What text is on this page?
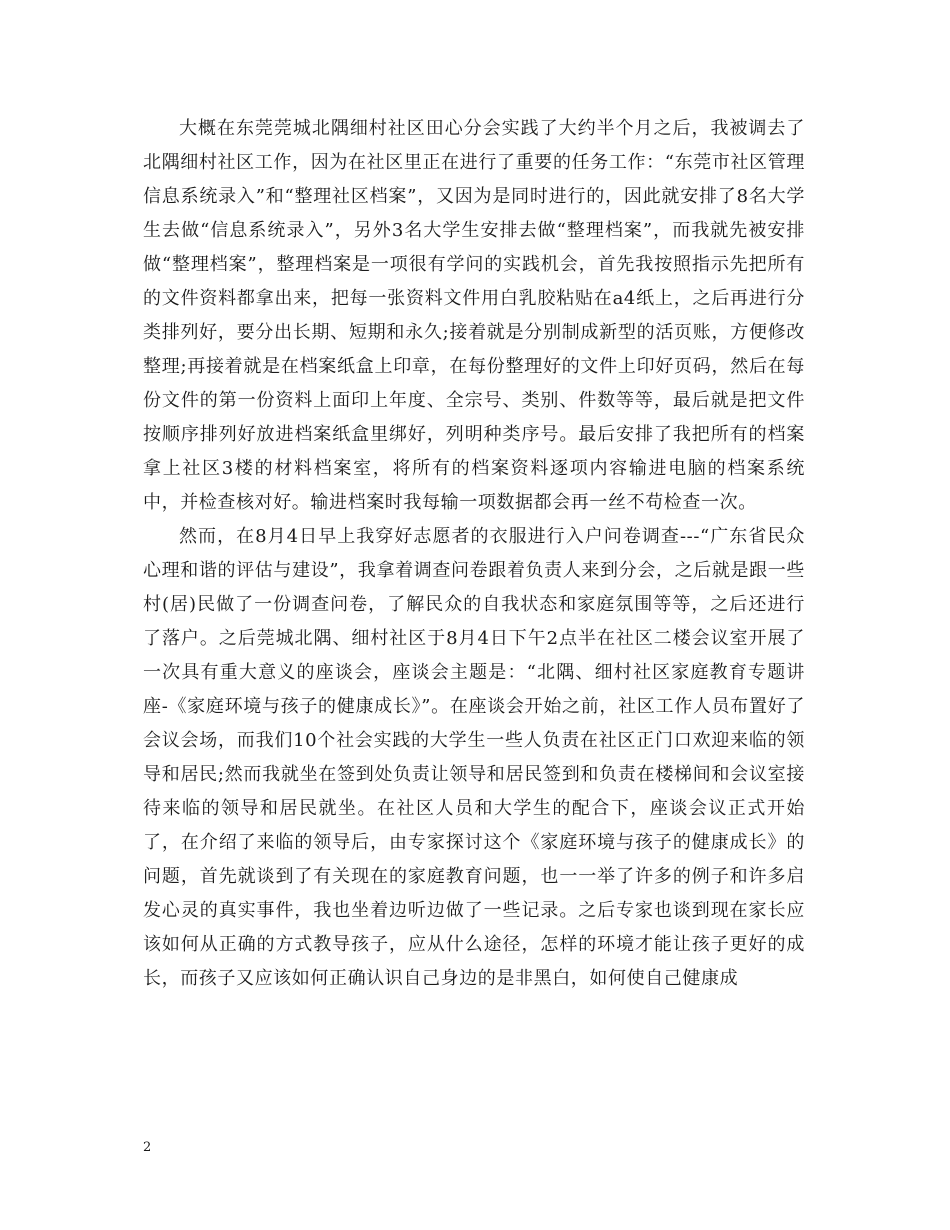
大概在东莞莞城北隅细村社区田心分会实践了大约半个月之后，我被调去了北隅细村社区工作，因为在社区里正在进行了重要的任务工作：“东莞市社区管理信息系统录入”和“整理社区档案”，又因为是同时进行的，因此就安排了8名大学生去做“信息系统录入”，另外3名大学生安排去做“整理档案”，而我就先被安排做“整理档案”，整理档案是一项很有学问的实践机会，首先我按照指示先把所有的文件资料都拿出来，把每一张资料文件用白乳胶粘贴在a4纸上，之后再进行分类排列好，要分出长期、短期和永久;接着就是分别制成新型的活页账，方便修改整理;再接着就是在档案纸盒上印章，在每份整理好的文件上印好页码，然后在每份文件的第一份资料上面印上年度、全宗号、类别、件数等等，最后就是把文件按顺序排列好放进档案纸盒里绑好，列明种类序号。最后安排了我把所有的档案拿上社区3楼的材料档案室，将所有的档案资料逐项内容输进电脑的档案系统中，并检查核对好。输进档案时我每输一项数据都会再一丝不苟检查一次。

然而，在8月4日早上我穿好志愿者的衣服进行入户问卷调查---“广东省民众心理和谐的评估与建设”，我拿着调查问卷跟着负责人来到分会，之后就是跟一些村(居)民做了一份调查问卷，了解民众的自我状态和家庭氛围等等，之后还进行了落户。之后莞城北隅、细村社区于8月4日下午2点半在社区二楼会议室开展了一次具有重大意义的座谈会，座谈会主题是：“北隅、细村社区家庭教育专题讲座-《家庭环境与孩子的健康成长》”。在座谈会开始之前，社区工作人员布置好了会议会场，而我们10个社会实践的大学生一些人负责在社区正门口欢迎来临的领导和居民;然而我就坐在签到处负责让领导和居民签到和负责在楼梯间和会议室接待来临的领导和居民就坐。在社区人员和大学生的配合下，座谈会议正式开始了，在介绍了来临的领导后，由专家探讨这个《家庭环境与孩子的健康成长》的问题，首先就谈到了有关现在的家庭教育问题，也一一举了许多的例子和许多启发心灵的真实事件，我也坐着边听边做了一些记录。之后专家也谈到现在家长应该如何从正确的方式教导孩子，应从什么途径，怎样的环境才能让孩子更好的成长，而孩子又应该如何正确认识自己身边的是非黑白，如何使自己健康成

2
